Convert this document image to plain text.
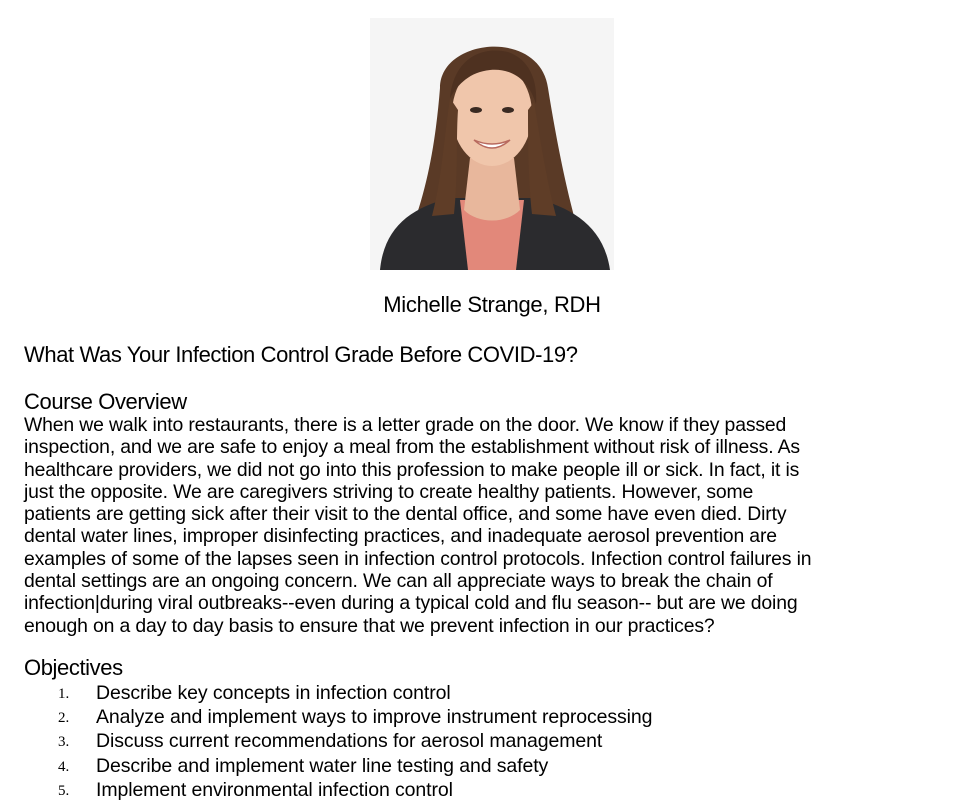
Michelle Strange, RDH
What Was Your Infection Control Grade Before COVID-19?
Course Overview
When we walk into restaurants, there is a letter grade on the door. We know if they passed
inspection, and we are safe to enjoy a meal from the establishment without risk of illness. As
healthcare providers, we did not go into this profession to make people ill or sick. In fact, it is
just the opposite. We are caregivers striving to create healthy patients. However, some
patients are getting sick after their visit to the dental office, and some have even died. Dirty
dental water lines, improper disinfecting practices, and inadequate aerosol prevention are
examples of some of the lapses seen in infection control protocols. Infection control failures in
dental settings are an ongoing concern. We can all appreciate ways to break the chain of
infection|during viral outbreaks--even during a typical cold and flu season-- but are we doing
enough on a day to day basis to ensure that we prevent infection in our practices?
Objectives
1.	Describe key concepts in infection control
2.	Analyze and implement ways to improve instrument reprocessing
3.	Discuss current recommendations for aerosol management
4.	Describe and implement water line testing and safety
5.	Implement environmental infection control
